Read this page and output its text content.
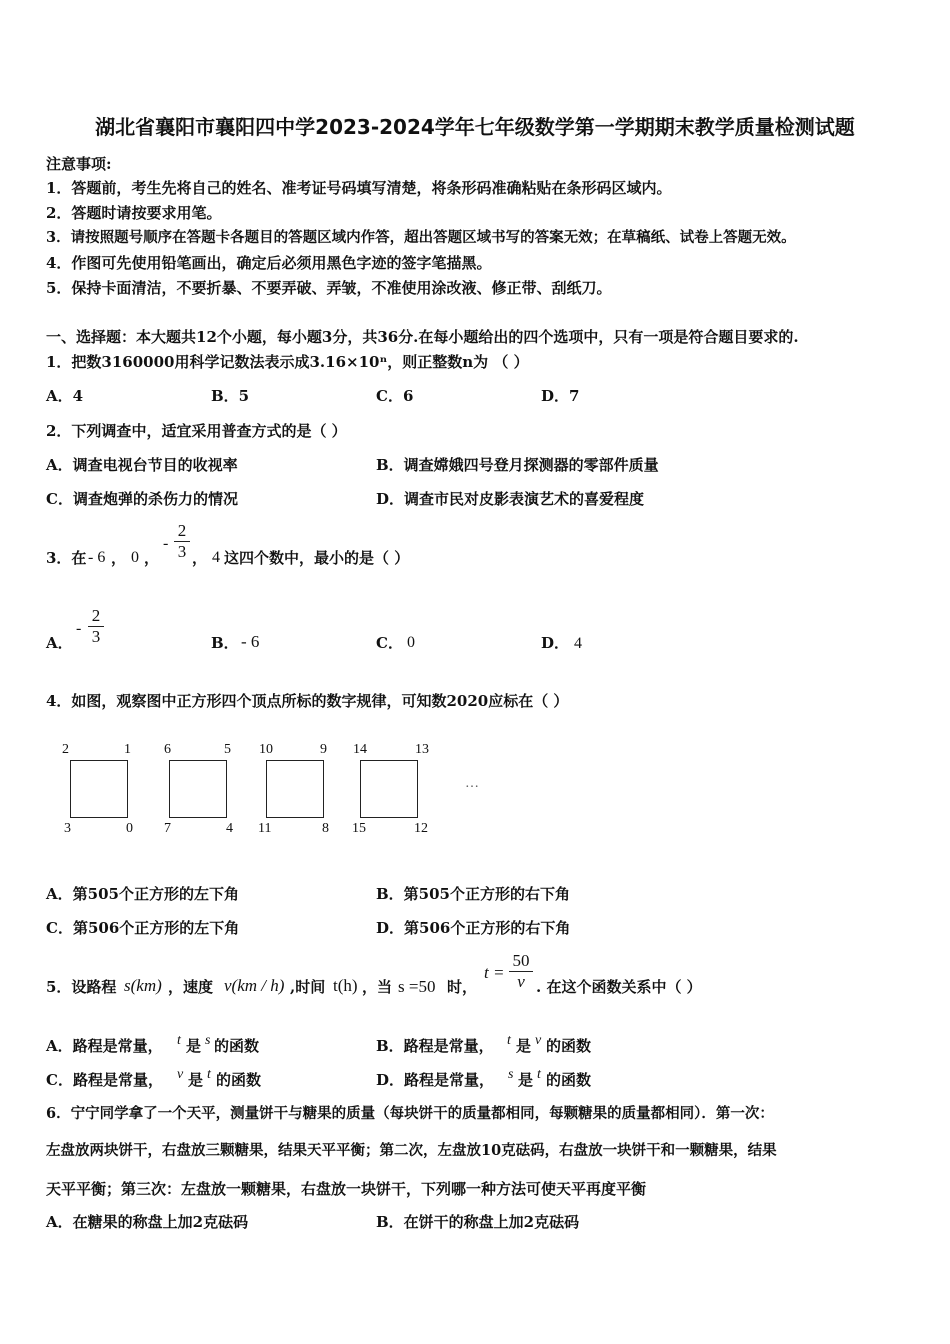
湖北省襄阳市襄阳四中学2023-2024学年七年级数学第一学期期末教学质量检测试题
注意事项:
1．答题前，考生先将自己的姓名、准考证号码填写清楚，将条形码准确粘贴在条形码区域内。
2．答题时请按要求用笔。
3．请按照题号顺序在答题卡各题目的答题区域内作答，超出答题区域书写的答案无效；在草稿纸、试卷上答题无效。
4．作图可先使用铅笔画出，确定后必须用黑色字迹的签字笔描黑。
5．保持卡面清洁，不要折暴、不要弄破、弄皱，不准使用涂改液、修正带、刮纸刀。
一、选择题：本大题共12个小题，每小题3分，共36分.在每小题给出的四个选项中，只有一项是符合题目要求的.
1．把数3160000用科学记数法表示成3.16×10ⁿ，则正整数n为 （ ）
A．4	B．5	C．6	D．7
2．下列调查中，适宜采用普查方式的是（ ）
A．调查电视台节目的收视率	B．调查嫦娥四号登月探测器的零部件质量
C．调查炮弹的杀伤力的情况	D．调查市民对皮影表演艺术的喜爱程度
3．在 - 6 ， 0 ，
-
2
3 ， 4 这四个数中，最小的是（ ）
A．
-
2
3	B． - 6	C． 0	D． 4
4．如图，观察图中正方形四个顶点所标的数字规律，可知数2020应标在（ ）
2	1
3	0
6	5
7	4
10	9
11	8
14	13
15	12
…
A．第505个正方形的左下角	B．第505个正方形的右下角
C．第506个正方形的左下角	D．第506个正方形的右下角
5．设路程 s(km) ，速度 v(km / h) ,时间 t(h) ，当 s =50 时，
t =
50
v . 在这个函数关系中（ ）
A．路程是常量， t 是 s 的函数	B．路程是常量， t 是 v 的函数
C．路程是常量， v 是 t 的函数	D．路程是常量， s 是 t 的函数
6．宁宁同学拿了一个天平，测量饼干与糖果的质量（每块饼干的质量都相同，每颗糖果的质量都相同）．第一次：
左盘放两块饼干，右盘放三颗糖果，结果天平平衡；第二次，左盘放10克砝码，右盘放一块饼干和一颗糖果，结果
天平平衡；第三次：左盘放一颗糖果，右盘放一块饼干，下列哪一种方法可使天平再度平衡
A．在糖果的称盘上加2克砝码	B．在饼干的称盘上加2克砝码
